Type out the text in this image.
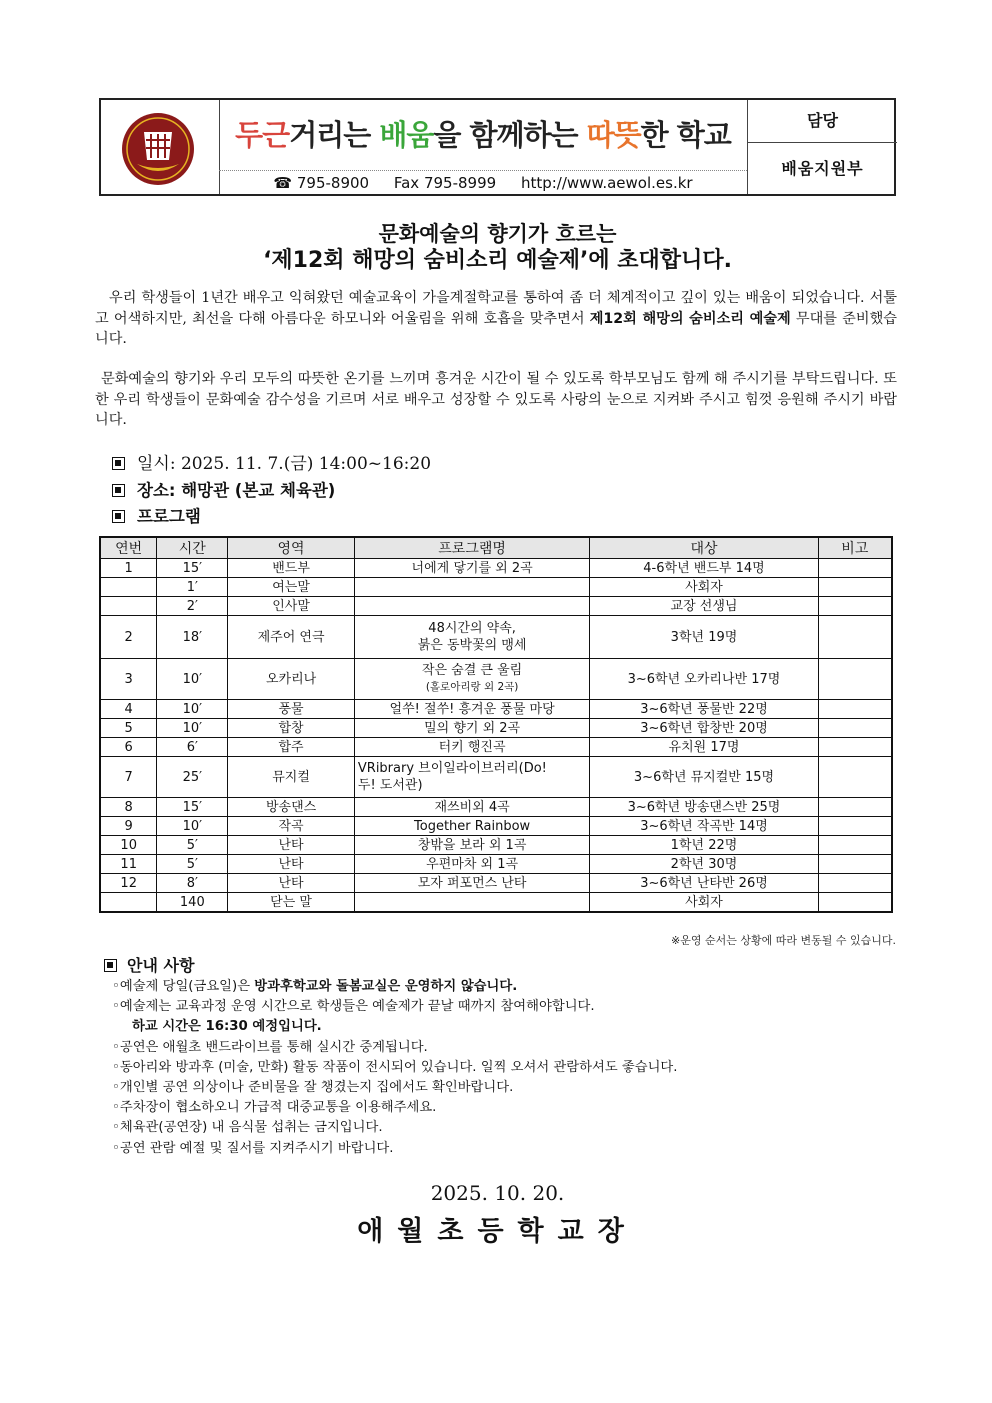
두근거리는 배움을 함께하는 따뜻한 학교
☎ 795-8900 Fax 795-8999 http://www.aewol.es.kr
담당
배움지원부
문화예술의 향기가 흐르는
‘제12회 해망의 숨비소리 예술제’에 초대합니다.
우리 학생들이 1년간 배우고 익혀왔던 예술교육이 가을계절학교를 통하여 좀 더 체계적이고 깊이 있는 배움이 되었습니다. 서툴고 어색하지만, 최선을 다해 아름다운 하모니와 어울림을 위해 호흡을 맞추면서 제12회 해망의 숨비소리 예술제 무대를 준비했습니다.
문화예술의 향기와 우리 모두의 따뜻한 온기를 느끼며 흥겨운 시간이 될 수 있도록 학부모님도 함께 해 주시기를 부탁드립니다. 또한 우리 학생들이 문화예술 감수성을 기르며 서로 배우고 성장할 수 있도록 사랑의 눈으로 지켜봐 주시고 힘껏 응원해 주시기 바랍니다.
일시: 2025. 11. 7.(금) 14:00~16:20
장소: 해망관 (본교 체육관)
프로그램
연번	시간	영역	프로그램명	대상	비고
1	15′	밴드부	너에게 닿기를 외 2곡	4-6학년 밴드부 14명	
	1′	여는말		사회자	
	2′	인사말		교장 선생님	
2	18′	제주어 연극	48시간의 약속,
붉은 동박꽃의 맹세	3학년 19명	
3	10′	오카리나	작은 숨결 큰 울림
(홀로아리랑 외 2곡)	3~6학년 오카리나반 17명	
4	10′	풍물	얼쑤! 절쑤! 흥겨운 풍물 마당	3~6학년 풍물반 22명	
5	10′	합창	밀의 향기 외 2곡	3~6학년 합창반 20명	
6	6′	합주	터키 행진곡	유치원 17명	
7	25′	뮤지컬	VRibrary 브이일라이브러리(Do!
두! 도서관)	3~6학년 뮤지컬반 15명	
8	15′	방송댄스	재쓰비외 4곡	3~6학년 방송댄스반 25명	
9	10′	작곡	Together Rainbow	3~6학년 작곡반 14명	
10	5′	난타	창밖을 보라 외 1곡	1학년 22명	
11	5′	난타	우편마차 외 1곡	2학년 30명	
12	8′	난타	모자 퍼포먼스 난타	3~6학년 난타반 26명	
	140	닫는 말		사회자	
※운영 순서는 상황에 따라 변동될 수 있습니다.
안내 사항
◦예술제 당일(금요일)은 방과후학교와 돌봄교실은 운영하지 않습니다.
◦예술제는 교육과정 운영 시간으로 학생들은 예술제가 끝날 때까지 참여해야합니다.
하교 시간은 16:30 예정입니다.
◦공연은 애월초 밴드라이브를 통해 실시간 중계됩니다.
◦동아리와 방과후 (미술, 만화) 활동 작품이 전시되어 있습니다. 일찍 오셔서 관람하셔도 좋습니다.
◦개인별 공연 의상이나 준비물을 잘 챙겼는지 집에서도 확인바랍니다.
◦주차장이 협소하오니 가급적 대중교통을 이용해주세요.
◦체육관(공연장) 내 음식물 섭취는 금지입니다.
◦공연 관람 예절 및 질서를 지켜주시기 바랍니다.
2025. 10. 20.
애월초등학교장
